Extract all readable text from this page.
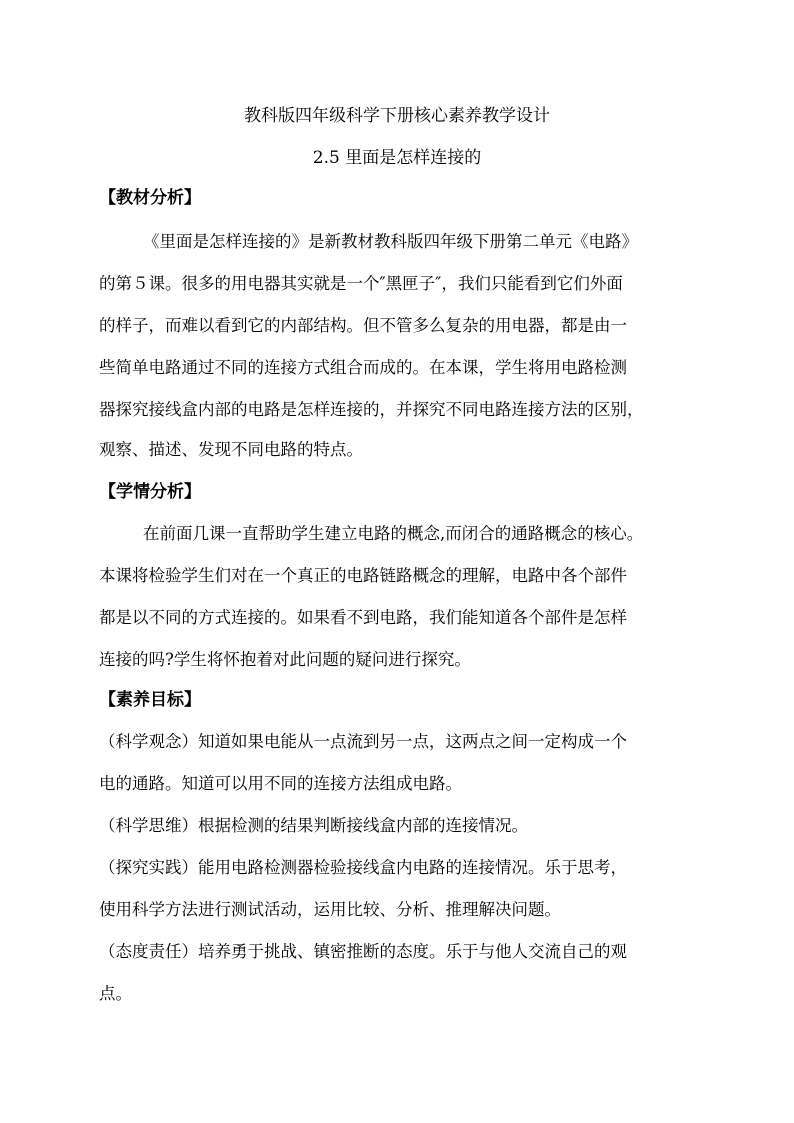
教科版四年级科学下册核心素养教学设计
2.5 里面是怎样连接的
【教材分析】
《里面是怎样连接的》是新教材教科版四年级下册第二单元《电路》
的第５课。很多的用电器其实就是一个″黑匣子″，我们只能看到它们外面
的样子，而难以看到它的内部结构。但不管多么复杂的用电器，都是由一
些简单电路通过不同的连接方式组合而成的。在本课，学生将用电路检测
器探究接线盒内部的电路是怎样连接的，并探究不同电路连接方法的区别，
观察、描述、发现不同电路的特点。
【学情分析】
在前面几课一直帮助学生建立电路的概念,而闭合的通路概念的核心。
本课将检验学生们对在一个真正的电路链路概念的理解，电路中各个部件
都是以不同的方式连接的。如果看不到电路，我们能知道各个部件是怎样
连接的吗?学生将怀抱着对此问题的疑问进行探究。
【素养目标】
（科学观念）知道如果电能从一点流到另一点，这两点之间一定构成一个
电的通路。知道可以用不同的连接方法组成电路。
（科学思维）根据检测的结果判断接线盒内部的连接情况。
（探究实践）能用电路检测器检验接线盒内电路的连接情况。乐于思考，
使用科学方法进行测试活动，运用比较、分析、推理解决问题。
（态度责任）培养勇于挑战、镇密推断的态度。乐于与他人交流自己的观
点。
